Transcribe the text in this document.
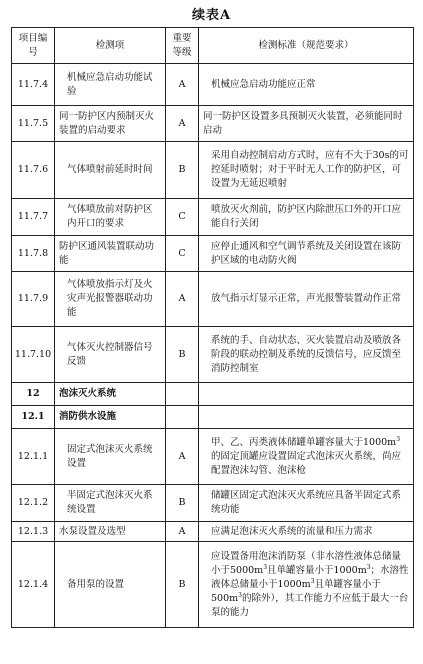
续表A
项目编号	检测项	重要等级	检测标准（规范要求）
11.7.4	机械应急启动功能试验	A	机械应急启动功能应正常
11.7.5	同一防护区内预制灭火装置的启动要求	A	同一防护区设置多具预制灭火装置，必须能同时启动
11.7.6	气体喷射前延时时间	B	采用自动控制启动方式时，应有不大于30s的可控延时喷射；对于平时无人工作的防护区，可设置为无延迟喷射
11.7.7	气体喷放前对防护区内开口的要求	C	喷放灭火剂前，防护区内除泄压口外的开口应能自行关闭
11.7.8	防护区通风装置联动功能	C	应停止通风和空气调节系统及关闭设置在该防护区域的电动防火阀
11.7.9	气体喷放指示灯及火灾声光报警器联动功能	A	放气指示灯显示正常，声光报警装置动作正常
11.7.10	气体灭火控制器信号反馈	B	系统的手、自动状态、灭火装置启动及喷放各阶段的联动控制及系统的反馈信号，应反馈至消防控制室
12	泡沫灭火系统		
12.1	消防供水设施		
12.1.1	固定式泡沫灭火系统设置	A	甲、乙、丙类液体储罐单罐容量大于$1000m^3$的固定顶罐应设置固定式泡沫灭火系统，尚应配置泡沫勾管、泡沫枪
12.1.2	半固定式泡沫灭火系统设置	B	储罐区固定式泡沫灭火系统应具备半固定式系统功能
12.1.3	水泵设置及选型	A	应满足泡沫灭火系统的流量和压力需求
12.1.4	备用泵的设置	B	应设置备用泡沫消防泵（非水溶性液体总储量小于$5000m^3$且单罐容量小于$1000m^3$；水溶性液体总储量小于$1000m^3$且单罐容量小于$500m^3$的除外），其工作能力不应低于最大一台泵的能力
